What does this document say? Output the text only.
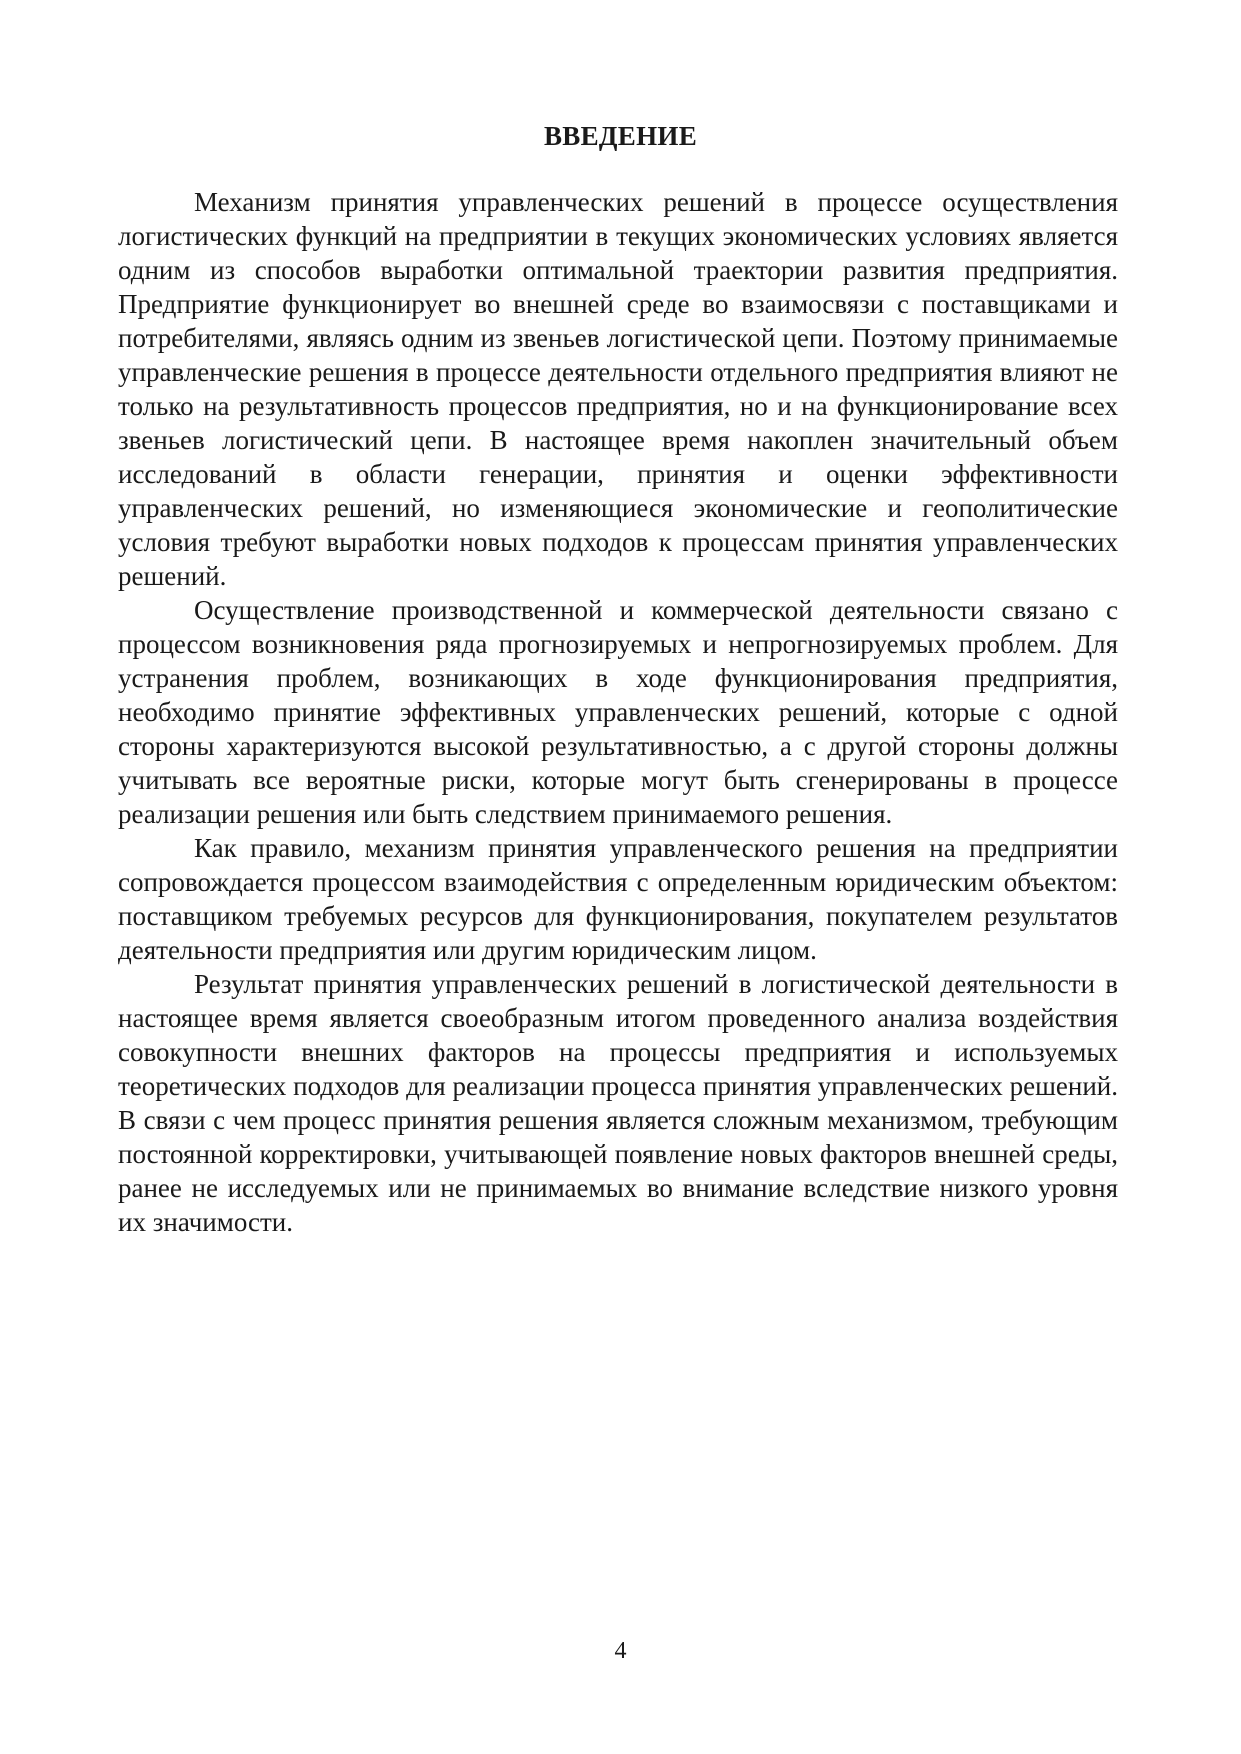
ВВЕДЕНИЕ

Механизм принятия управленческих решений в процессе осуществления логистических функций на предприятии в текущих экономических условиях является одним из способов выработки оптимальной траектории развития предприятия. Предприятие функционирует во внешней среде во взаимосвязи с поставщиками и потребителями, являясь одним из звеньев логистической цепи. Поэтому принимаемые управленческие решения в процессе деятельности отдельного предприятия влияют не только на результативность процессов предприятия, но и на функционирование всех звеньев логистический цепи. В настоящее время накоплен значительный объем исследований в области генерации, принятия и оценки эффективности управленческих решений, но изменяющиеся экономические и геополитические условия требуют выработки новых подходов к процессам принятия управленческих решений.

Осуществление производственной и коммерческой деятельности связано с процессом возникновения ряда прогнозируемых и непрогнозируемых проблем. Для устранения проблем, возникающих в ходе функционирования предприятия, необходимо принятие эффективных управленческих решений, которые с одной стороны характеризуются высокой результативностью, а с другой стороны должны учитывать все вероятные риски, которые могут быть сгенерированы в процессе реализации решения или быть следствием принимаемого решения.

Как правило, механизм принятия управленческого решения на предприятии сопровождается процессом взаимодействия с определенным юридическим объектом: поставщиком требуемых ресурсов для функционирования, покупателем результатов деятельности предприятия или другим юридическим лицом.

Результат принятия управленческих решений в логистической деятельности в настоящее время является своеобразным итогом проведенного анализа воздействия совокупности внешних факторов на процессы предприятия и используемых теоретических подходов для реализации процесса принятия управленческих решений. В связи с чем процесс принятия решения является сложным механизмом, требующим постоянной корректировки, учитывающей появление новых факторов внешней среды, ранее не исследуемых или не принимаемых во внимание вследствие низкого уровня их значимости.

4
